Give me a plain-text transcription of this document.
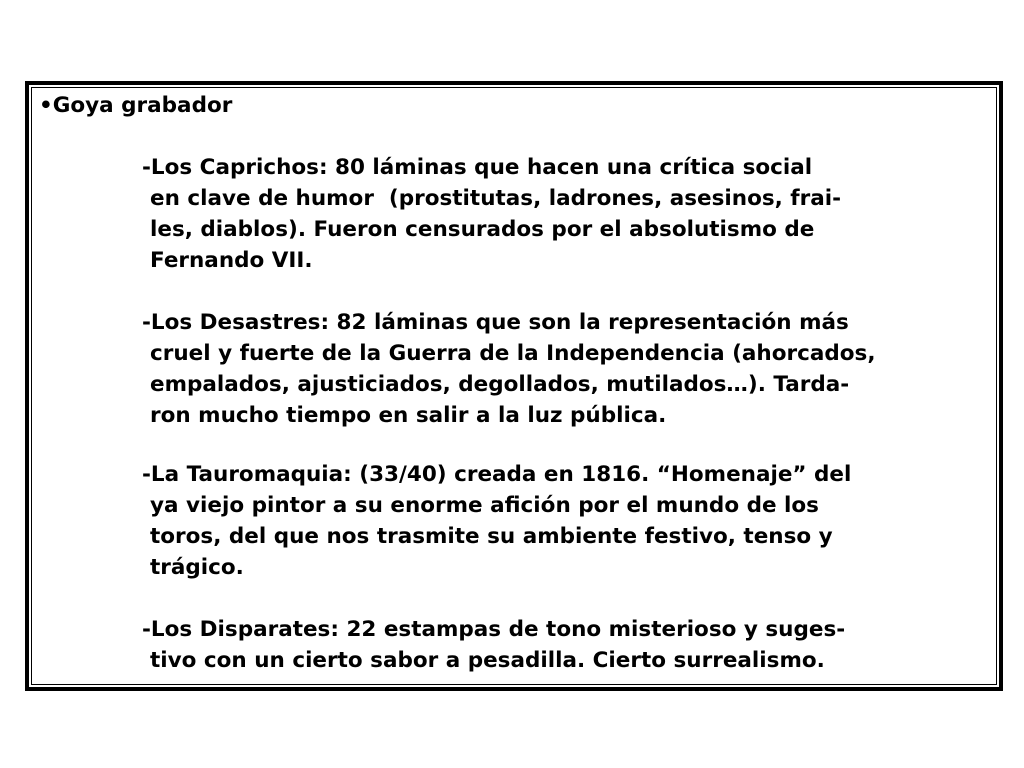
•Goya grabador
-Los Caprichos: 80 láminas que hacen una crítica social
en clave de humor  (prostitutas, ladrones, asesinos, frai-
les, diablos). Fueron censurados por el absolutismo de
Fernando VII.
-Los Desastres: 82 láminas que son la representación más
cruel y fuerte de la Guerra de la Independencia (ahorcados,
empalados, ajusticiados, degollados, mutilados…). Tarda-
ron mucho tiempo en salir a la luz pública.
-La Tauromaquia: (33/40) creada en 1816. “Homenaje” del
ya viejo pintor a su enorme afición por el mundo de los
toros, del que nos trasmite su ambiente festivo, tenso y
trágico.
-Los Disparates: 22 estampas de tono misterioso y suges-
tivo con un cierto sabor a pesadilla. Cierto surrealismo.
